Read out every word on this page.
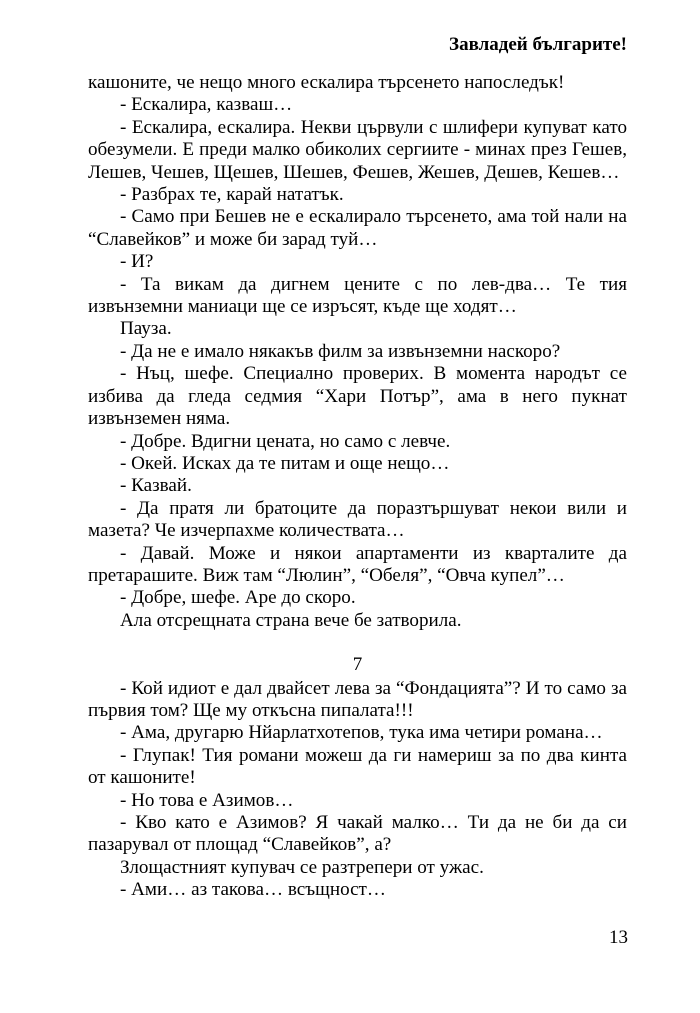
Завладей българите!

кашоните, че нещо много ескалира търсенето напоследък!

- Ескалира, казваш…

- Ескалира, ескалира. Некви цървули с шлифери купуват като обезумели. Е преди малко обиколих сергиите - минах през Гешев, Лешев, Чешев, Щешев, Шешев, Фешев, Жешев, Дешев, Кешев…

- Разбрах те, карай нататък.

- Само при Бешев не е ескалирало търсенето, ама той нали на “Славейков” и може би зарад туй…

- И?

- Та викам да дигнем цените с по лев-два… Те тия извънземни маниаци ще се изръсят, къде ще ходят…

Пауза.

- Да не е имало някакъв филм за извънземни наскоро?

- Нъц, шефе. Специално проверих. В момента народът се избива да гледа седмия “Хари Потър”, ама в него пукнат извънземен няма.

- Добре. Вдигни цената, но само с левче.

- Окей. Исках да те питам и още нещо…

- Казвай.

- Да пратя ли братоците да поразтършуват некои вили и мазета? Че изчерпахме количествата…

- Давай. Може и някои апартаменти из кварталите да претарашите. Виж там “Люлин”, “Обеля”, “Овча купел”…

- Добре, шефе. Аре до скоро.

Ала отсрещната страна вече бе затворила.

7

- Кой идиот е дал двайсет лева за “Фондацията”? И то само за първия том? Ще му откъсна пипалата!!!

- Ама, другарю Нйарлатхотепов, тука има четири романа…

- Глупак! Тия романи можеш да ги намериш за по два кинта от кашоните!

- Но това е Азимов…

- Кво като е Азимов? Я чакай малко… Ти да не би да си пазарувал от площад “Славейков”, а?

Злощастният купувач се разтрепери от ужас.

- Ами… аз такова… всъщност…

13
